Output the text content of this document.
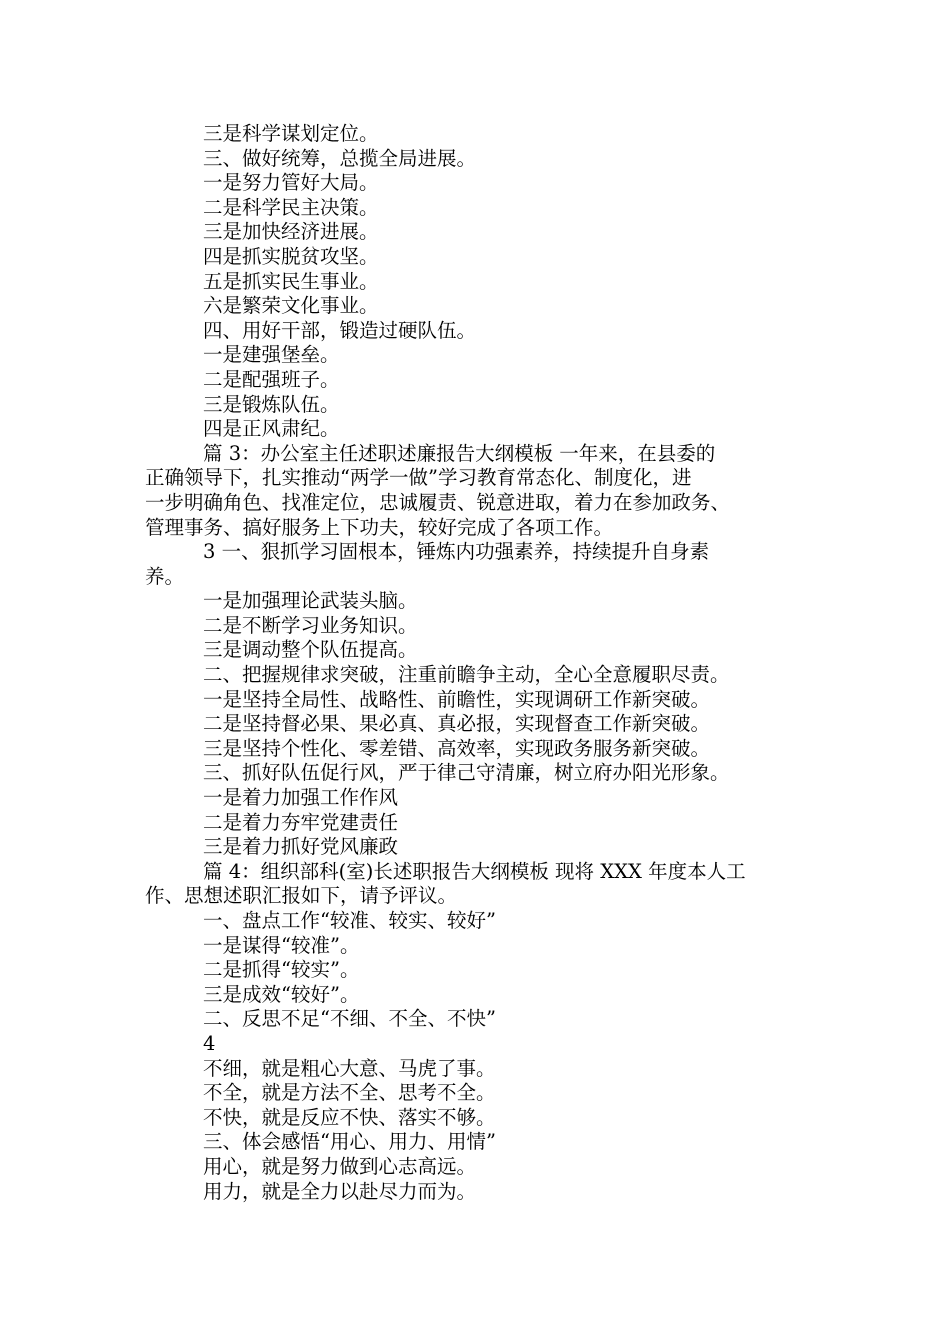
三是科学谋划定位。
三、做好统筹，总揽全局进展。
一是努力管好大局。
二是科学民主决策。
三是加快经济进展。
四是抓实脱贫攻坚。
五是抓实民生事业。
六是繁荣文化事业。
四、用好干部，锻造过硬队伍。
一是建强堡垒。
二是配强班子。
三是锻炼队伍。
四是正风肃纪。
篇 3：办公室主任述职述廉报告大纲模板 一年来，在县委的
正确领导下，扎实推动“两学一做”学习教育常态化、制度化，进
一步明确角色、找准定位，忠诚履责、锐意进取，着力在参加政务、
管理事务、搞好服务上下功夫，较好完成了各项工作。
3 一、狠抓学习固根本，锤炼内功强素养，持续提升自身素
养。
一是加强理论武装头脑。
二是不断学习业务知识。
三是调动整个队伍提高。
二、把握规律求突破，注重前瞻争主动，全心全意履职尽责。
一是坚持全局性、战略性、前瞻性，实现调研工作新突破。
二是坚持督必果、果必真、真必报，实现督查工作新突破。
三是坚持个性化、零差错、高效率，实现政务服务新突破。
三、抓好队伍促行风，严于律己守清廉，树立府办阳光形象。
一是着力加强工作作风
二是着力夯牢党建责任
三是着力抓好党风廉政
篇 4：组织部科(室)长述职报告大纲模板 现将 XXX 年度本人工
作、思想述职汇报如下，请予评议。
一、盘点工作“较准、较实、较好”
一是谋得“较准”。
二是抓得“较实”。
三是成效“较好”。
二、反思不足“不细、不全、不快”
4
不细，就是粗心大意、马虎了事。
不全，就是方法不全、思考不全。
不快，就是反应不快、落实不够。
三、体会感悟“用心、用力、用情”
用心，就是努力做到心志高远。
用力，就是全力以赴尽力而为。
